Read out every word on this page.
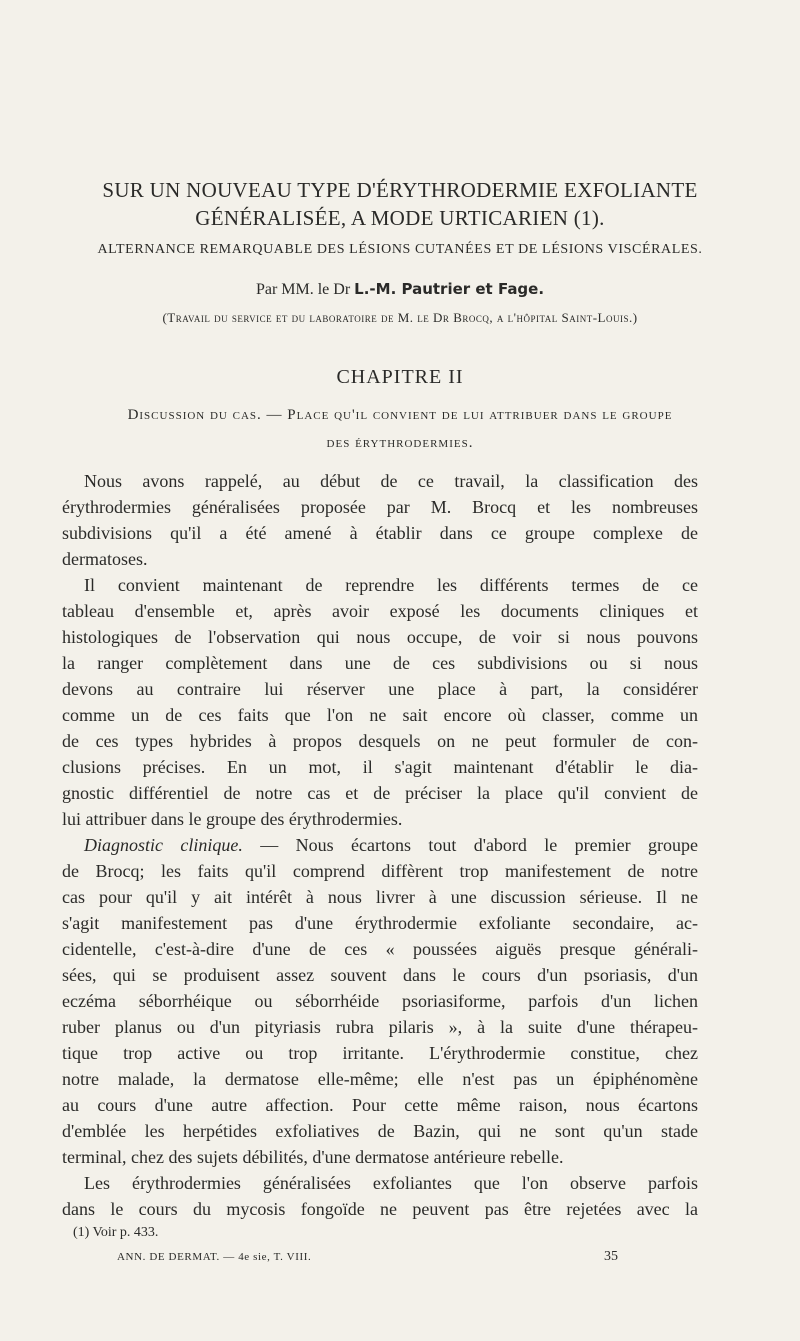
SUR UN NOUVEAU TYPE D'ÉRYTHRODERMIE EXFOLIANTE
GÉNÉRALISÉE, A MODE URTICARIEN (1).
ALTERNANCE REMARQUABLE DES LÉSIONS CUTANÉES ET DE LÉSIONS VISCÉRALES.
Par MM. le Dr L.-M. Pautrier et Fage.
(Travail du service et du laboratoire de M. le Dr Brocq, a l'hôpital Saint-Louis.)
CHAPITRE II
Discussion du cas. — Place qu'il convient de lui attribuer dans le groupe
des érythrodermies.
Nous avons rappelé, au début de ce travail, la classification des
érythrodermies généralisées proposée par M. Brocq et les nombreuses
subdivisions qu'il a été amené à établir dans ce groupe complexe de
dermatoses.
Il convient maintenant de reprendre les différents termes de ce
tableau d'ensemble et, après avoir exposé les documents cliniques et
histologiques de l'observation qui nous occupe, de voir si nous pouvons
la ranger complètement dans une de ces subdivisions ou si nous
devons au contraire lui réserver une place à part, la considérer
comme un de ces faits que l'on ne sait encore où classer, comme un
de ces types hybrides à propos desquels on ne peut formuler de con-
clusions précises. En un mot, il s'agit maintenant d'établir le dia-
gnostic différentiel de notre cas et de préciser la place qu'il convient de
lui attribuer dans le groupe des érythrodermies.
Diagnostic clinique. — Nous écartons tout d'abord le premier groupe
de Brocq; les faits qu'il comprend diffèrent trop manifestement de notre
cas pour qu'il y ait intérêt à nous livrer à une discussion sérieuse. Il ne
s'agit manifestement pas d'une érythrodermie exfoliante secondaire, ac-
cidentelle, c'est-à-dire d'une de ces « poussées aiguës presque générali-
sées, qui se produisent assez souvent dans le cours d'un psoriasis, d'un
eczéma séborrhéique ou séborrhéide psoriasiforme, parfois d'un lichen
ruber planus ou d'un pityriasis rubra pilaris », à la suite d'une thérapeu-
tique trop active ou trop irritante. L'érythrodermie constitue, chez
notre malade, la dermatose elle-même; elle n'est pas un épiphénomène
au cours d'une autre affection. Pour cette même raison, nous écartons
d'emblée les herpétides exfoliatives de Bazin, qui ne sont qu'un stade
terminal, chez des sujets débilités, d'une dermatose antérieure rebelle.
Les érythrodermies généralisées exfoliantes que l'on observe parfois
dans le cours du mycosis fongoïde ne peuvent pas être rejetées avec la
(1) Voir p. 433.
ANN. DE DERMAT. — 4e sie, T. VIII.	35
